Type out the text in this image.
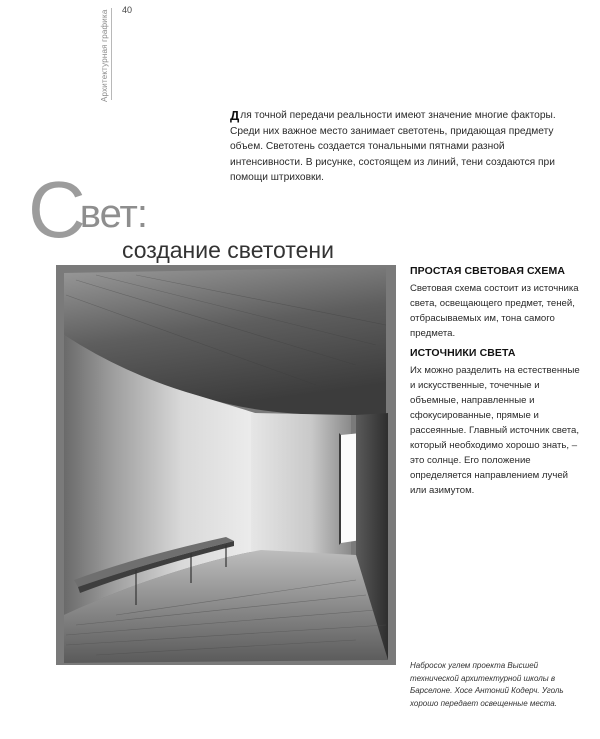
40
Архитектурная графика
Д ля точной передачи реальности имеют значение многие факторы. Среди них важное место занимает светотень, придающая предмету объем. Светотень создается тональными пятнами разной интенсивности. В рисунке, состоящем из линий, тени создаются при помощи штриховки.
Свет:
создание светотени
ПРОСТАЯ СВЕТОВАЯ СХЕМА

Световая схема состоит из источника света, освещающего предмет, теней, отбрасываемых им, тона самого предмета.

ИСТОЧНИКИ СВЕТА

Их можно разделить на естественные и искусственные, точечные и объемные, направленные и сфокусированные, прямые и рассеянные. Главный источник света, который необходимо хорошо знать, – это солнце. Его положение определяется направлением лучей или азимутом.

Набросок углем проекта Высшей технической архитектурной школы в Барселоне. Хосе Антоний Кодерч. Уголь хорошо передает освещенные места.
